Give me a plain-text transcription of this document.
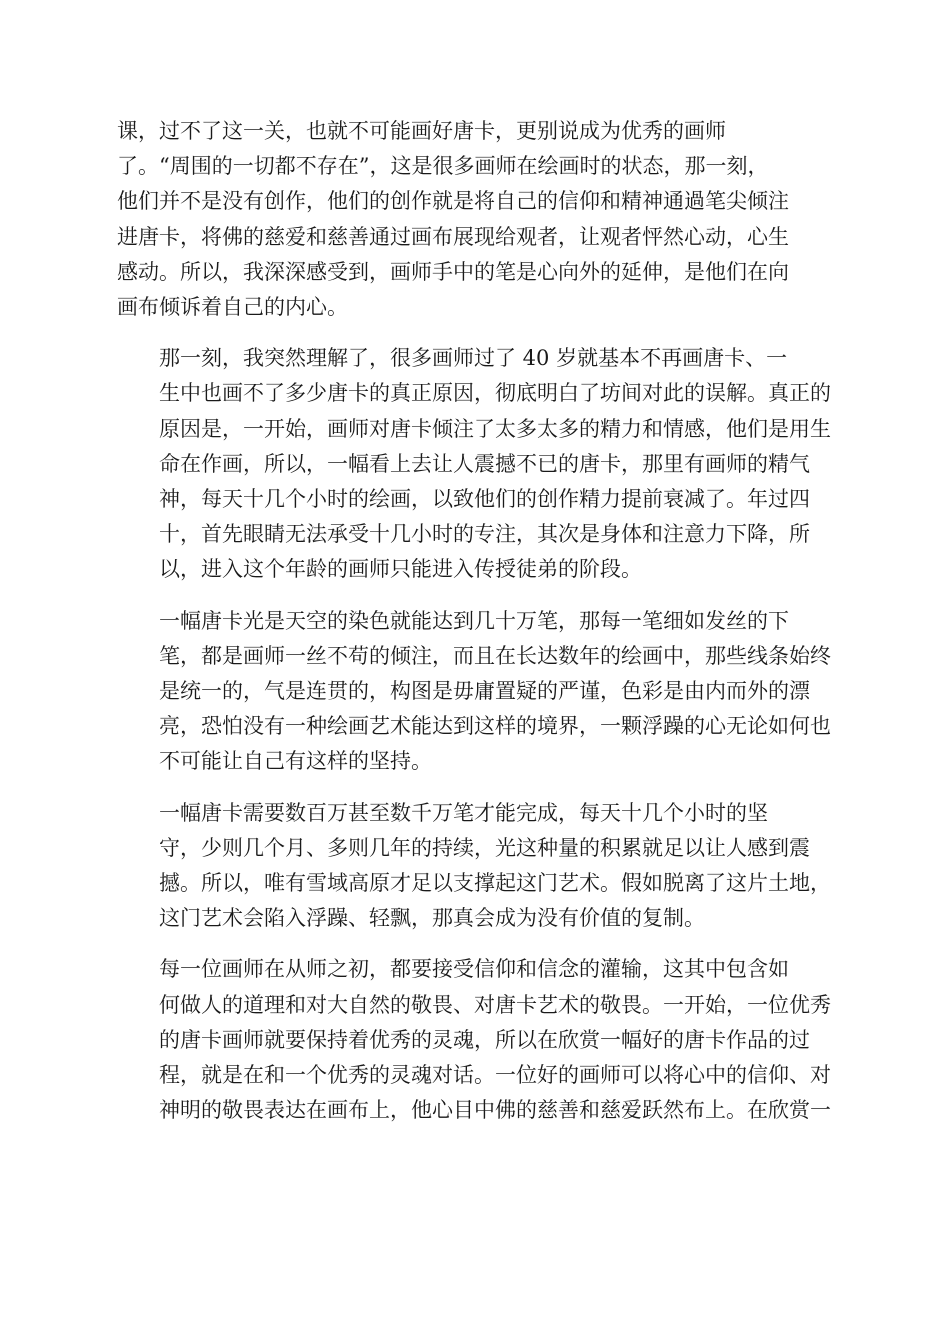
课，过不了这一关，也就不可能画好唐卡，更别说成为优秀的画师
了。“周围的一切都不存在”，这是很多画师在绘画时的状态，那一刻，
他们并不是没有创作，他们的创作就是将自己的信仰和精神通過笔尖倾注
进唐卡，将佛的慈爱和慈善通过画布展现给观者，让观者怦然心动，心生
感动。所以，我深深感受到，画师手中的笔是心向外的延伸，是他们在向
画布倾诉着自己的内心。

那一刻，我突然理解了，很多画师过了 40 岁就基本不再画唐卡、一
生中也画不了多少唐卡的真正原因，彻底明白了坊间对此的误解。真正的
原因是，一开始，画师对唐卡倾注了太多太多的精力和情感，他们是用生
命在作画，所以，一幅看上去让人震撼不已的唐卡，那里有画师的精气
神，每天十几个小时的绘画，以致他们的创作精力提前衰减了。年过四
十，首先眼睛无法承受十几小时的专注，其次是身体和注意力下降，所
以，进入这个年龄的画师只能进入传授徒弟的阶段。

一幅唐卡光是天空的染色就能达到几十万笔，那每一笔细如发丝的下
笔，都是画师一丝不苟的倾注，而且在长达数年的绘画中，那些线条始终
是统一的，气是连贯的，构图是毋庸置疑的严谨，色彩是由内而外的漂
亮，恐怕没有一种绘画艺术能达到这样的境界，一颗浮躁的心无论如何也
不可能让自己有这样的坚持。

一幅唐卡需要数百万甚至数千万笔才能完成，每天十几个小时的坚
守，少则几个月、多则几年的持续，光这种量的积累就足以让人感到震
撼。所以，唯有雪域高原才足以支撑起这门艺术。假如脱离了这片土地，
这门艺术会陷入浮躁、轻飘，那真会成为没有价值的复制。

每一位画师在从师之初，都要接受信仰和信念的灌输，这其中包含如
何做人的道理和对大自然的敬畏、对唐卡艺术的敬畏。一开始，一位优秀
的唐卡画师就要保持着优秀的灵魂，所以在欣赏一幅好的唐卡作品的过
程，就是在和一个优秀的灵魂对话。一位好的画师可以将心中的信仰、对
神明的敬畏表达在画布上，他心目中佛的慈善和慈爱跃然布上。在欣赏一
